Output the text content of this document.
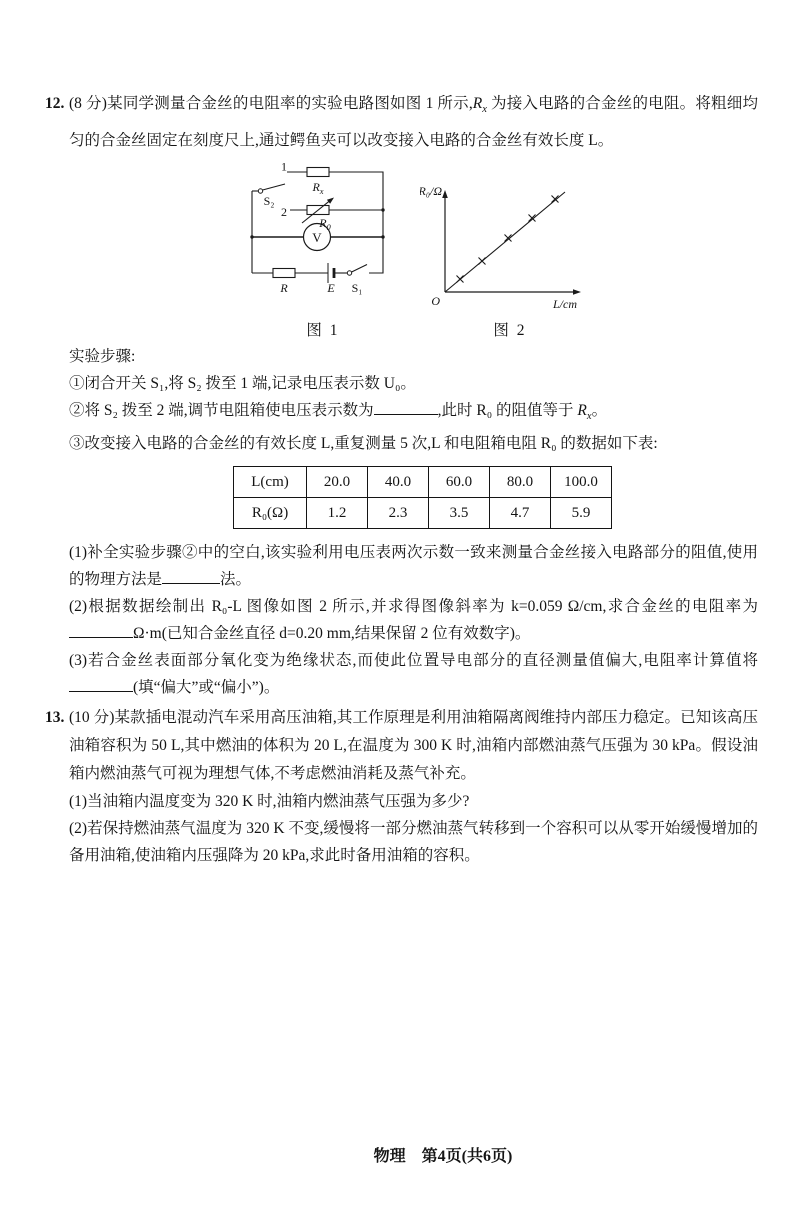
12. (8 分)某同学测量合金丝的电阻率的实验电路图如图 1 所示$,R_x$ 为接入电路的合金丝的电阻。将粗细均匀的合金丝固定在刻度尺上,通过鳄鱼夹可以改变接入电路的合金丝有效长度 L。

V
1
2
$R_x$
$R_0$
R	E S₁
S₂
图 1
R₀/Ω
O	L/cm
图 2

实验步骤:

①闭合开关 S₁,将 S₂ 拨至 1 端,记录电压表示数 U₀。

②将 S₂ 拨至 2 端,调节电阻箱使电压表示数为	,此时 R₀ 的阻值等于 $R_x$。

③改变接入电路的合金丝的有效长度 L,重复测量 5 次,L 和电阻箱电阻 R₀ 的数据如下表:

L(cm)	20.0	40.0	60.0	80.0	100.0
R₀(Ω)	1.2	2.3	3.5	4.7	5.9

(1)补全实验步骤②中的空白,该实验利用电压表两次示数一致来测量合金丝接入电路部分的阻值,使用的物理方法是	法。

(2)根据数据绘制出 R₀-L 图像如图 2 所示,并求得图像斜率为 k=0.059 Ω/cm,求合金丝的电阻率为Ω·m(已知合金丝直径 d=0.20 mm,结果保留 2 位有效数字)。

(3)若合金丝表面部分氧化变为绝缘状态,而使此位置导电部分的直径测量值偏大,电阻率计算值将(填“偏大”或“偏小”)。

13. (10 分)某款插电混动汽车采用高压油箱,其工作原理是利用油箱隔离阀维持内部压力稳定。已知该高压油箱容积为 50 L,其中燃油的体积为 20 L,在温度为 300 K 时,油箱内部燃油蒸气压强为 30 kPa。假设油箱内燃油蒸气可视为理想气体,不考虑燃油消耗及蒸气补充。

(1)当油箱内温度变为 320 K 时,油箱内燃油蒸气压强为多少?

(2)若保持燃油蒸气温度为 320 K 不变,缓慢将一部分燃油蒸气转移到一个容积可以从零开始缓慢增加的备用油箱,使油箱内压强降为 20 kPa,求此时备用油箱的容积。

物理　第4页(共6页)
